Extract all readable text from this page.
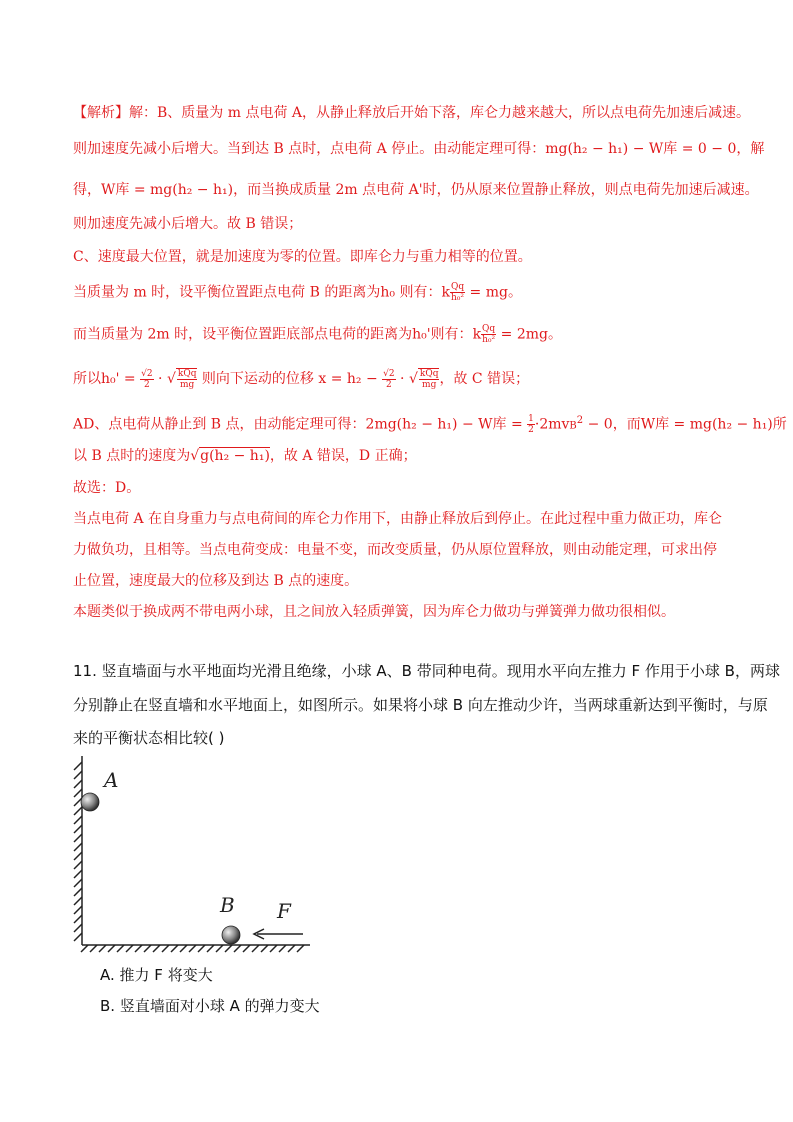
【解析】解：B、质量为 m 点电荷 A，从静止释放后开始下落，库仑力越来越大，所以点电荷先加速后减速。
则加速度先减小后增大。当到达 B 点时，点电荷 A 停止。由动能定理可得：mg(h₂ − h₁) − W库 = 0 − 0，解
得，W库 = mg(h₂ − h₁)，而当换成质量 2m 点电荷 A'时，仍从原来位置静止释放，则点电荷先加速后减速。
则加速度先减小后增大。故 B 错误；
C、速度最大位置，就是加速度为零的位置。即库仑力与重力相等的位置。
当质量为 m 时，设平衡位置距点电荷 B 的距离为h₀ 则有：k $\frac{Qq}{\text{h₀²}}$ = mg。
而当质量为 2m 时，设平衡位置距底部点电荷的距离为h₀'则有：k $\frac{Qq}{\text{h₀²}} = 2mg$。
所以$h_0' = \frac{√2}{2}$ · √ $\frac{\text{kQq}}{mg}$ 则向下运动的位移 $x = h_2 - \frac{√2}{2}$ · √ $\frac{\text{kQq}}{mg}$ ，故 C 错误；
AD、点电荷从静止到 B 点，由动能定理可得：2mg(h₂ − h₁) − W库 = $\frac{1}{2} \cdot 2mvB^2 - 0$，而W库 = mg(h₂ − h₁)所
以 B 点时的速度为√g(h₂ − h₁)，故 A 错误，D 正确；
故选：D。
当点电荷 A 在自身重力与点电荷间的库仑力作用下，由静止释放后到停止。在此过程中重力做正功，库仑
力做负功，且相等。当点电荷变成：电量不变，而改变质量，仍从原位置释放，则由动能定理，可求出停
止位置，速度最大的位移及到达 B 点的速度。
本题类似于换成两不带电两小球，且之间放入轻质弹簧，因为库仑力做功与弹簧弹力做功很相似。
11. 竖直墙面与水平地面均光滑且绝缘，小球 A、B 带同种电荷。现用水平向左推力 F 作用于小球 B，两球
分别静止在竖直墙和水平地面上，如图所示。如果将小球 B 向左推动少许，当两球重新达到平衡时，与原
来的平衡状态相比较( )
A
B F
A. 推力 F 将变大
B. 竖直墙面对小球 A 的弹力变大
